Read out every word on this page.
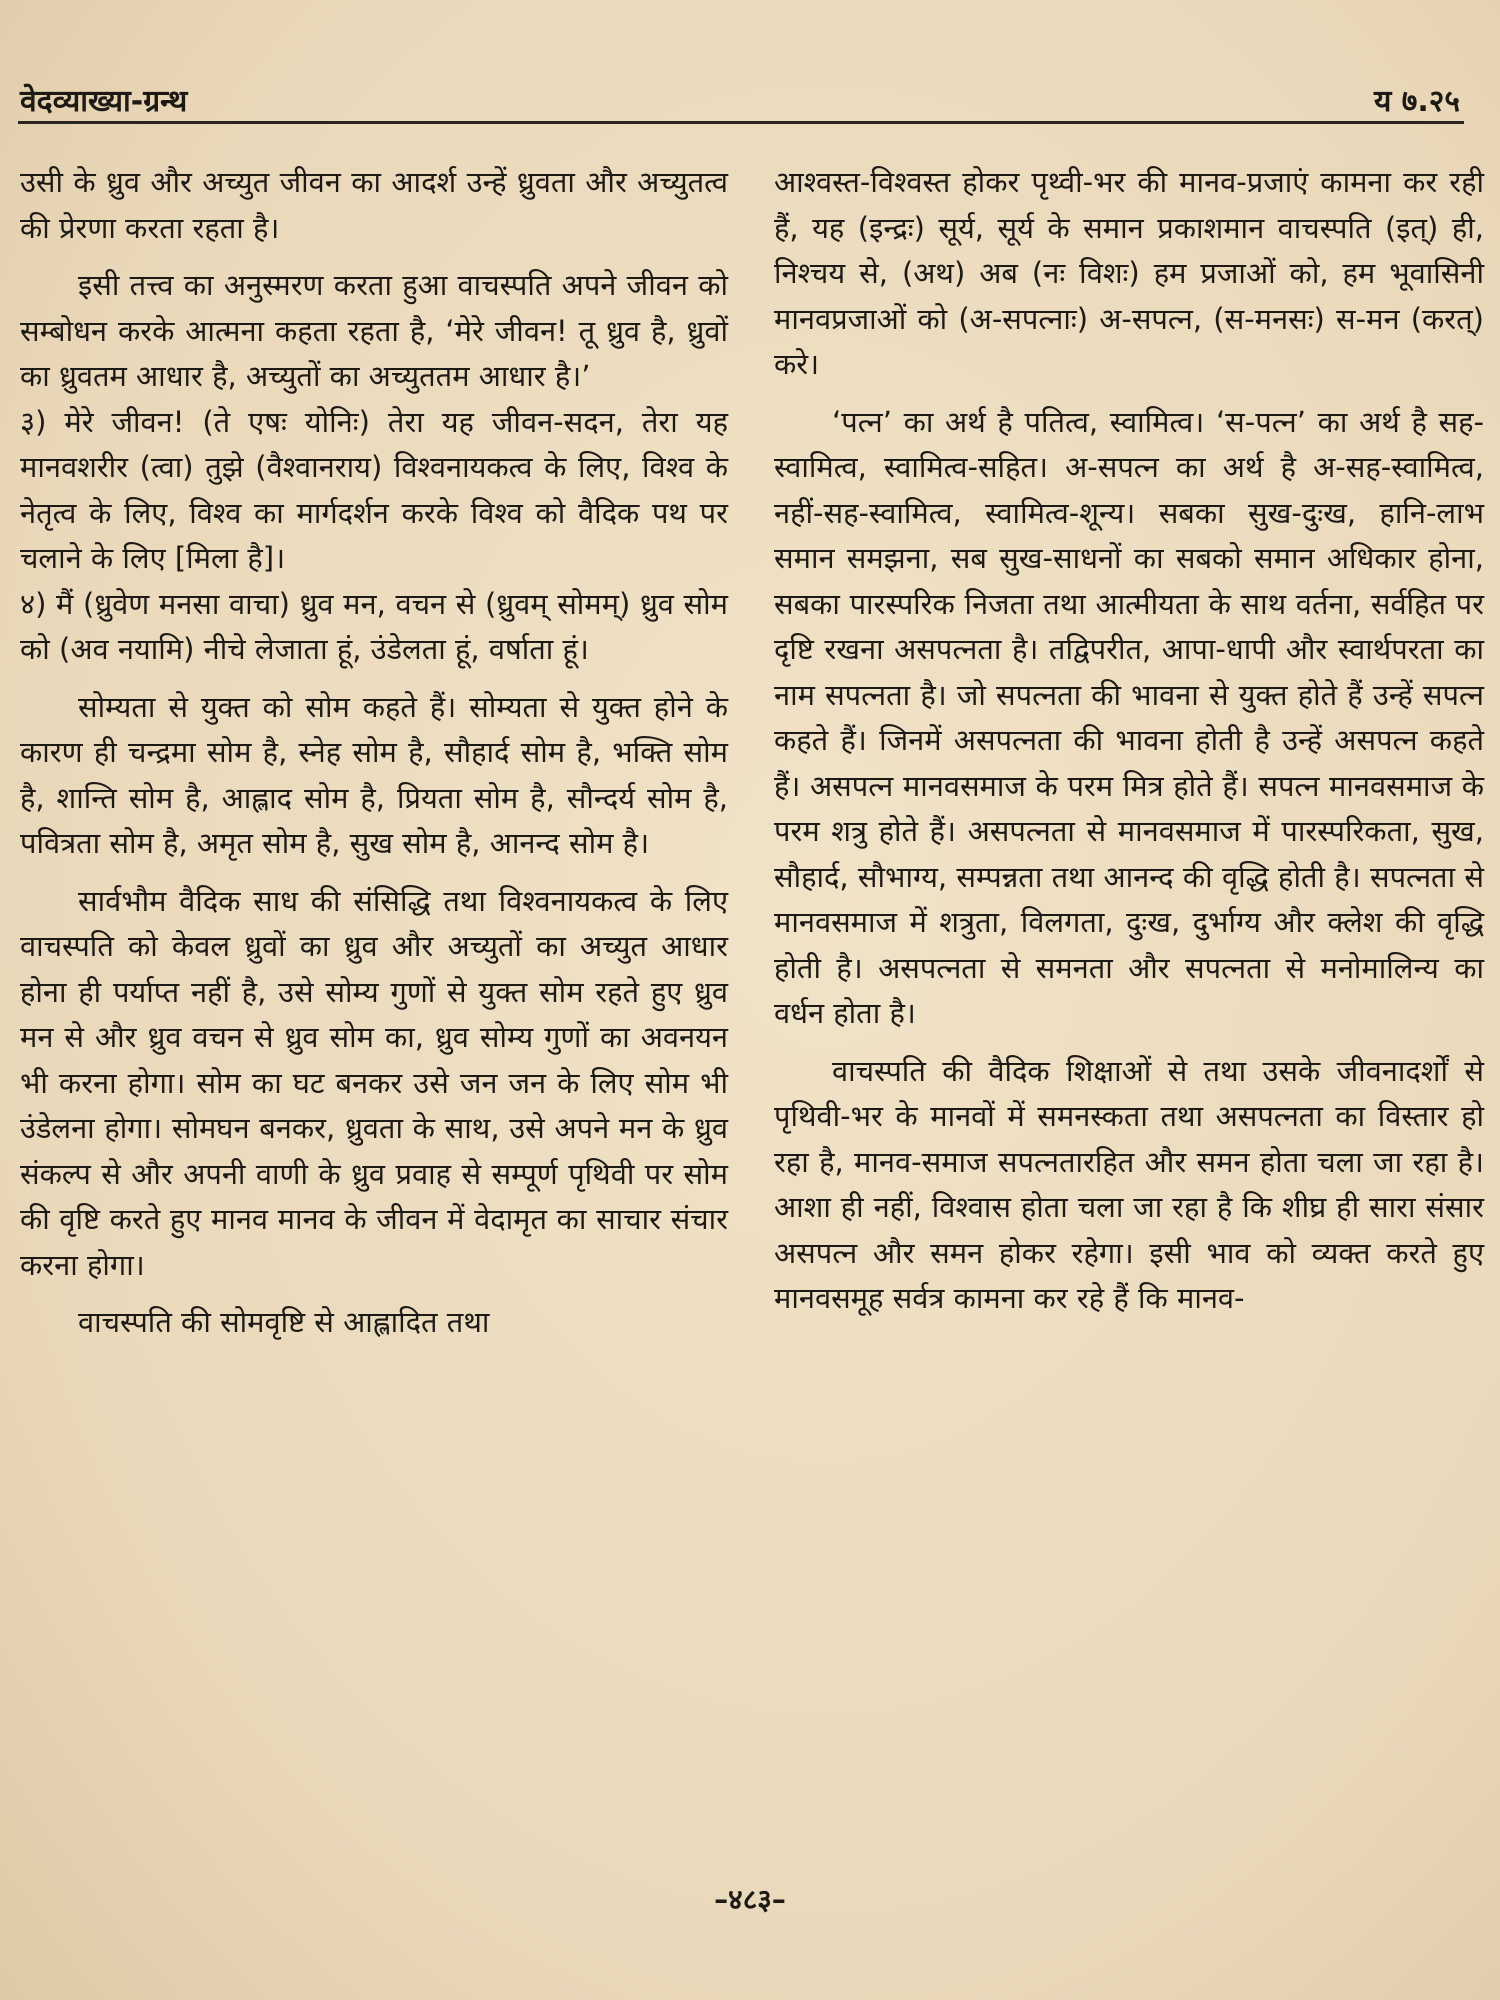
वेदव्याख्या-ग्रन्थ	य ७.२५

उसी के ध्रुव और अच्युत जीवन का आदर्श उन्हें ध्रुवता और अच्युतत्व की प्रेरणा करता रहता है।

इसी तत्त्व का अनुस्मरण करता हुआ वाचस्पति अपने जीवन को सम्बोधन करके आत्मना कहता रहता है, ‘मेरे जीवन! तू ध्रुव है, ध्रुवों का ध्रुवतम आधार है, अच्युतों का अच्युततम आधार है।’

३) मेरे जीवन! (ते एषः योनिः) तेरा यह जीवन-सदन, तेरा यह मानवशरीर (त्वा) तुझे (वैश्वानराय) विश्वनायकत्व के लिए, विश्व के नेतृत्व के लिए, विश्व का मार्गदर्शन करके विश्व को वैदिक पथ पर चलाने के लिए [मिला है]।

४) मैं (ध्रुवेण मनसा वाचा) ध्रुव मन, वचन से (ध्रुवम् सोमम्) ध्रुव सोम को (अव नयामि) नीचे लेजाता हूं, उंडेलता हूं, वर्षाता हूं।

सोम्यता से युक्त को सोम कहते हैं। सोम्यता से युक्त होने के कारण ही चन्द्रमा सोम है, स्नेह सोम है, सौहार्द सोम है, भक्ति सोम है, शान्ति सोम है, आह्लाद सोम है, प्रियता सोम है, सौन्दर्य सोम है, पवित्रता सोम है, अमृत सोम है, सुख सोम है, आनन्द सोम है।

सार्वभौम वैदिक साध की संसिद्धि तथा विश्वनायकत्व के लिए वाचस्पति को केवल ध्रुवों का ध्रुव और अच्युतों का अच्युत आधार होना ही पर्याप्त नहीं है, उसे सोम्य गुणों से युक्त सोम रहते हुए ध्रुव मन से और ध्रुव वचन से ध्रुव सोम का, ध्रुव सोम्य गुणों का अवनयन भी करना होगा। सोम का घट बनकर उसे जन जन के लिए सोम भी उंडेलना होगा। सोमघन बनकर, ध्रुवता के साथ, उसे अपने मन के ध्रुव संकल्प से और अपनी वाणी के ध्रुव प्रवाह से सम्पूर्ण पृथिवी पर सोम की वृष्टि करते हुए मानव मानव के जीवन में वेदामृत का साचार संचार करना होगा।

वाचस्पति की सोमवृष्टि से आह्लादित तथा

आश्वस्त-विश्वस्त होकर पृथ्वी-भर की मानव-प्रजाएं कामना कर रही हैं, यह (इन्द्रः) सूर्य, सूर्य के समान प्रकाशमान वाचस्पति (इत्) ही, निश्चय से, (अथ) अब (नः विशः) हम प्रजाओं को, हम भूवासिनी मानवप्रजाओं को (अ-सपत्नाः) अ-सपत्न, (स-मनसः) स-मन (करत्) करे।

‘पत्न’ का अर्थ है पतित्व, स्वामित्व। ‘स-पत्न’ का अर्थ है सह-स्वामित्व, स्वामित्व-सहित। अ-सपत्न का अर्थ है अ-सह-स्वामित्व, नहीं-सह-स्वामित्व, स्वामित्व-शून्य। सबका सुख-दुःख, हानि-लाभ समान समझना, सब सुख-साधनों का सबको समान अधिकार होना, सबका पारस्परिक निजता तथा आत्मीयता के साथ वर्तना, सर्वहित पर दृष्टि रखना असपत्नता है। तद्विपरीत, आपा-धापी और स्वार्थपरता का नाम सपत्नता है। जो सपत्नता की भावना से युक्त होते हैं उन्हें सपत्न कहते हैं। जिनमें असपत्नता की भावना होती है उन्हें असपत्न कहते हैं। असपत्न मानवसमाज के परम मित्र होते हैं। सपत्न मानवसमाज के परम शत्रु होते हैं। असपत्नता से मानवसमाज में पारस्परिकता, सुख, सौहार्द, सौभाग्य, सम्पन्नता तथा आनन्द की वृद्धि होती है। सपत्नता से मानवसमाज में शत्रुता, विलगता, दुःख, दुर्भाग्य और क्लेश की वृद्धि होती है। असपत्नता से समनता और सपत्नता से मनोमालिन्य का वर्धन होता है।

वाचस्पति की वैदिक शिक्षाओं से तथा उसके जीवनादर्शों से पृथिवी-भर के मानवों में समनस्कता तथा असपत्नता का विस्तार हो रहा है, मानव-समाज सपत्नतारहित और समन होता चला जा रहा है। आशा ही नहीं, विश्वास होता चला जा रहा है कि शीघ्र ही सारा संसार असपत्न और समन होकर रहेगा। इसी भाव को व्यक्त करते हुए मानवसमूह सर्वत्र कामना कर रहे हैं कि मानव-

–४८३–
